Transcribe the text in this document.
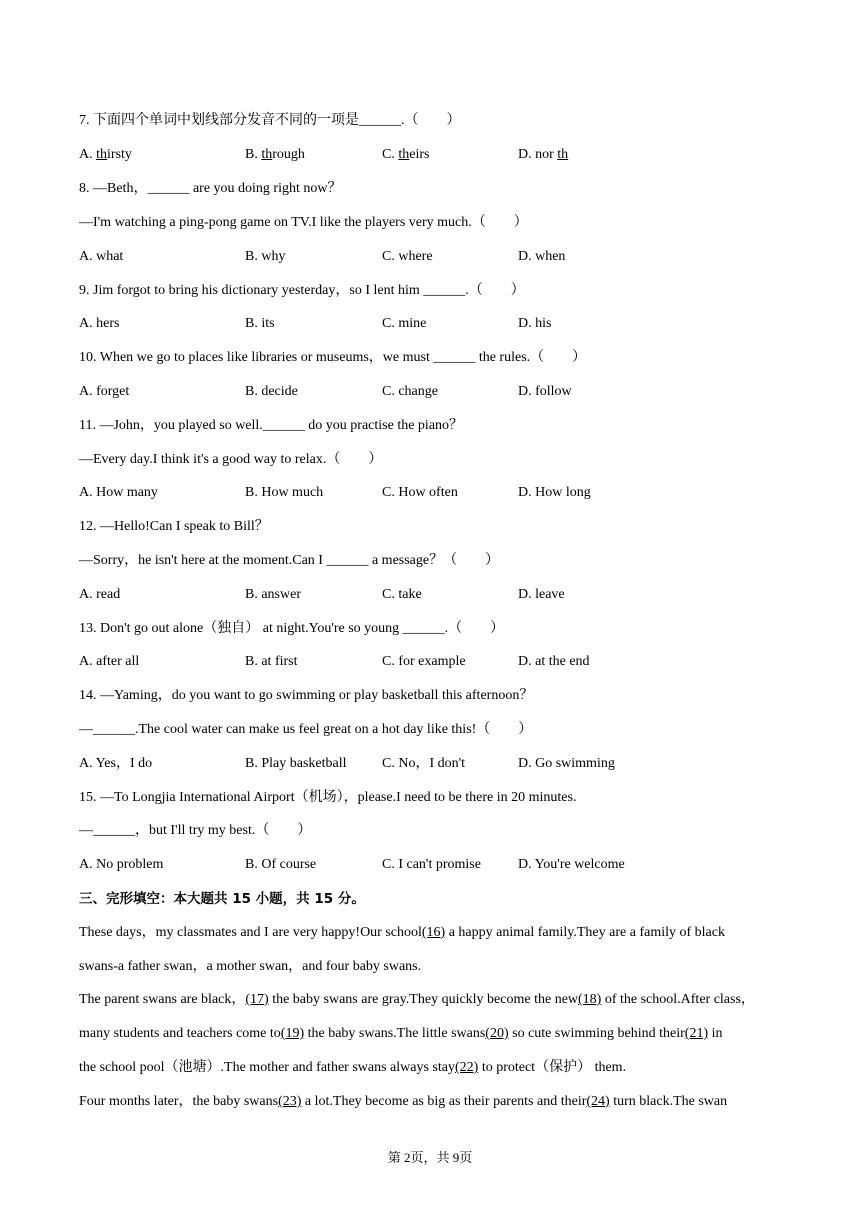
7. 下面四个单词中划线部分发音不同的一项是______.（　　）
A. thirsty	B. through	C. theirs	D. nor th
8. —Beth，______ are you doing right now？
—I'm watching a ping-pong game on TV.I like the players very much.（　　）
A. what	B. why	C. where	D. when
9. Jim forgot to bring his dictionary yesterday，so I lent him ______.（　　）
A. hers	B. its	C. mine	D. his
10. When we go to places like libraries or museums，we must ______ the rules.（　　）
A. forget	B. decide	C. change	D. follow
11. —John，you played so well.______ do you practise the piano？
—Every day.I think it's a good way to relax.（　　）
A. How many	B. How much	C. How often	D. How long
12. —Hello!Can I speak to Bill？
—Sorry，he isn't here at the moment.Can I ______ a message？（　　）
A. read	B. answer	C. take	D. leave
13. Don't go out alone（独自） at night.You're so young ______.（　　）
A. after all	B. at first	C. for example	D. at the end
14. —Yaming，do you want to go swimming or play basketball this afternoon？
—______.The cool water can make us feel great on a hot day like this!（　　）
A. Yes，I do	B. Play basketball	C. No，I don't	D. Go swimming
15. —To Longjia International Airport（机场），please.I need to be there in 20 minutes.
—______，but I'll try my best.（　　）
A. No problem	B. Of course	C. I can't promise	D. You're welcome
三、完形填空：本大题共 15 小题，共 15 分。
These days，my classmates and I are very happy!Our school(16) a happy animal family.They are a family of black
swans-a father swan，a mother swan，and four baby swans.
The parent swans are black，(17) the baby swans are gray.They quickly become the new(18) of the school.After class，
many students and teachers come to(19) the baby swans.The little swans(20) so cute swimming behind their(21) in
the school pool（池塘）.The mother and father swans always stay(22) to protect（保护） them.
Four months later，the baby swans(23) a lot.They become as big as their parents and their(24) turn black.The swan
第 2页，共 9页
